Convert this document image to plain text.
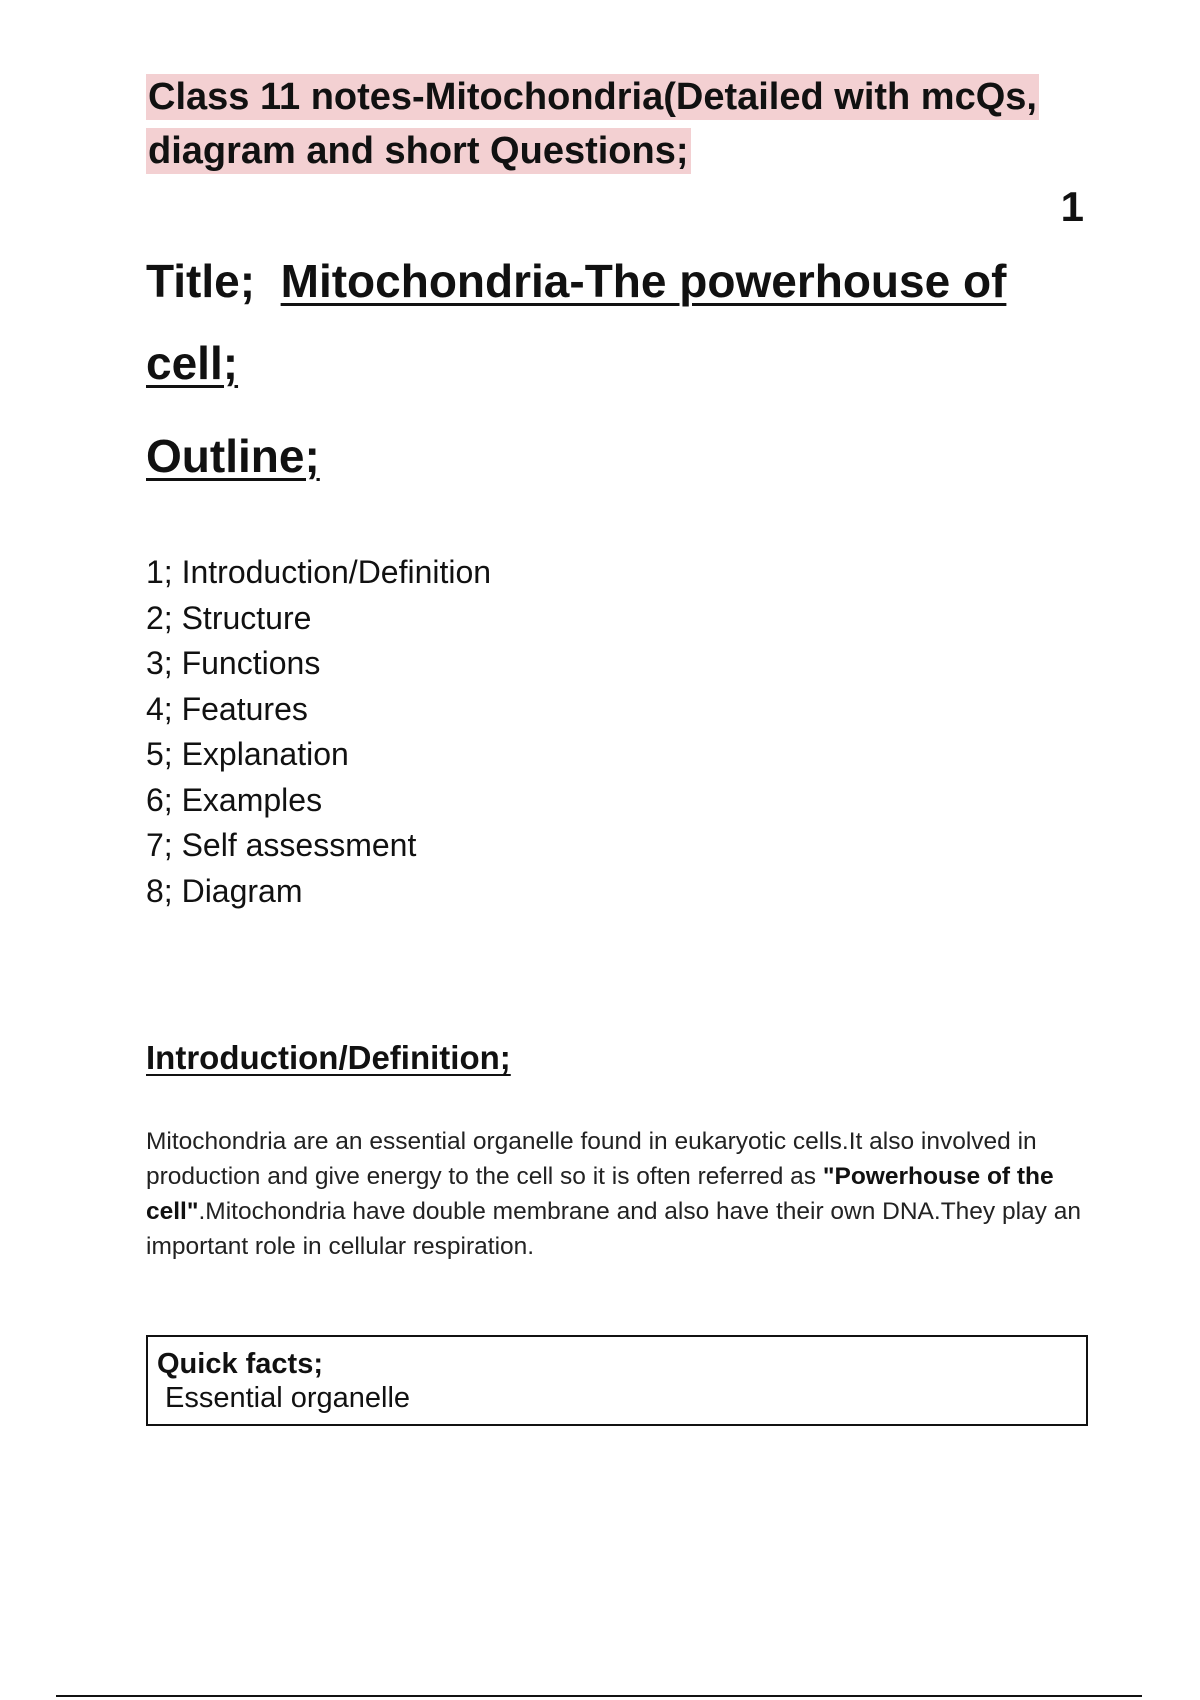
Class 11 notes-Mitochondria(Detailed with mcQs,
diagram and short Questions;
1
Title; Mitochondria-The powerhouse of cell;
Outline;
1; Introduction/Definition
2; Structure
3; Functions
4; Features
5; Explanation
6; Examples
7; Self assessment
8; Diagram
Introduction/Definition;

Mitochondria are an essential organelle found in eukaryotic cells.It also involved in production and give energy to the cell so it is often referred as "Powerhouse of the cell".Mitochondria have double membrane and also have their own DNA.They play an important role in cellular respiration.

Quick facts;

Essential organelle
